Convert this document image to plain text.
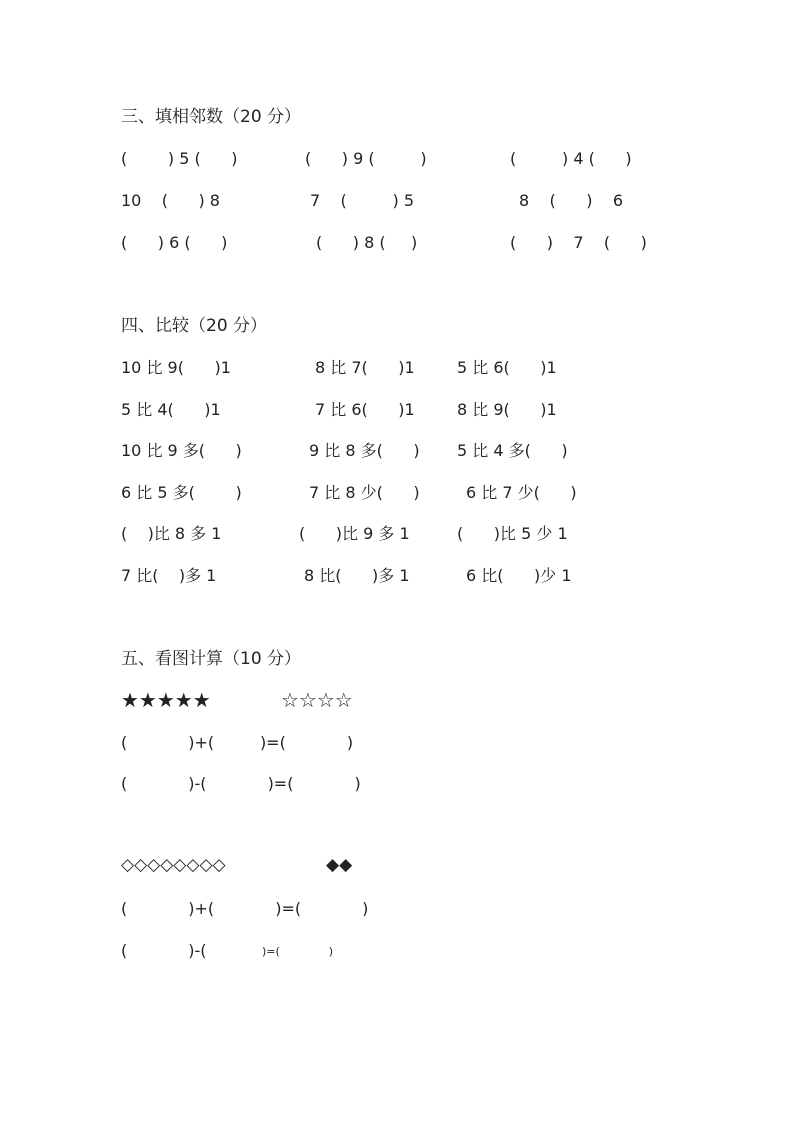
三、填相邻数（20 分）
(        ) 5 (      )	(      ) 9 (         )	(         ) 4 (      )
10    (      ) 8	7    (         ) 5	8    (      )    6
(      ) 6 (      )	(      ) 8 (     )	(      )    7    (      )
四、比较（20 分）
10 比 9(      )1	8 比 7(      )1	5 比 6(      )1
5 比 4(      )1	7 比 6(      )1	8 比 9(      )1
10 比 9 多(      )	9 比 8 多(      ) 5 比 4 多(      )
6 比 5 多(        )	7 比 8 少(      )	6 比 7 少(      )
(    )比 8 多 1	(      )比 9 多 1	(      )比 5 少 1
7 比(    )多 1	8 比(      )多 1	6 比(      )少 1
五、看图计算（10 分）
★★★★★	☆☆☆☆
(            )+(         )=(            )
(            )-(            )=(            )
◇◇◇◇◇◇◇◇	◆◆
(            )+(            )=(            )
(            )-(	)=(              )
